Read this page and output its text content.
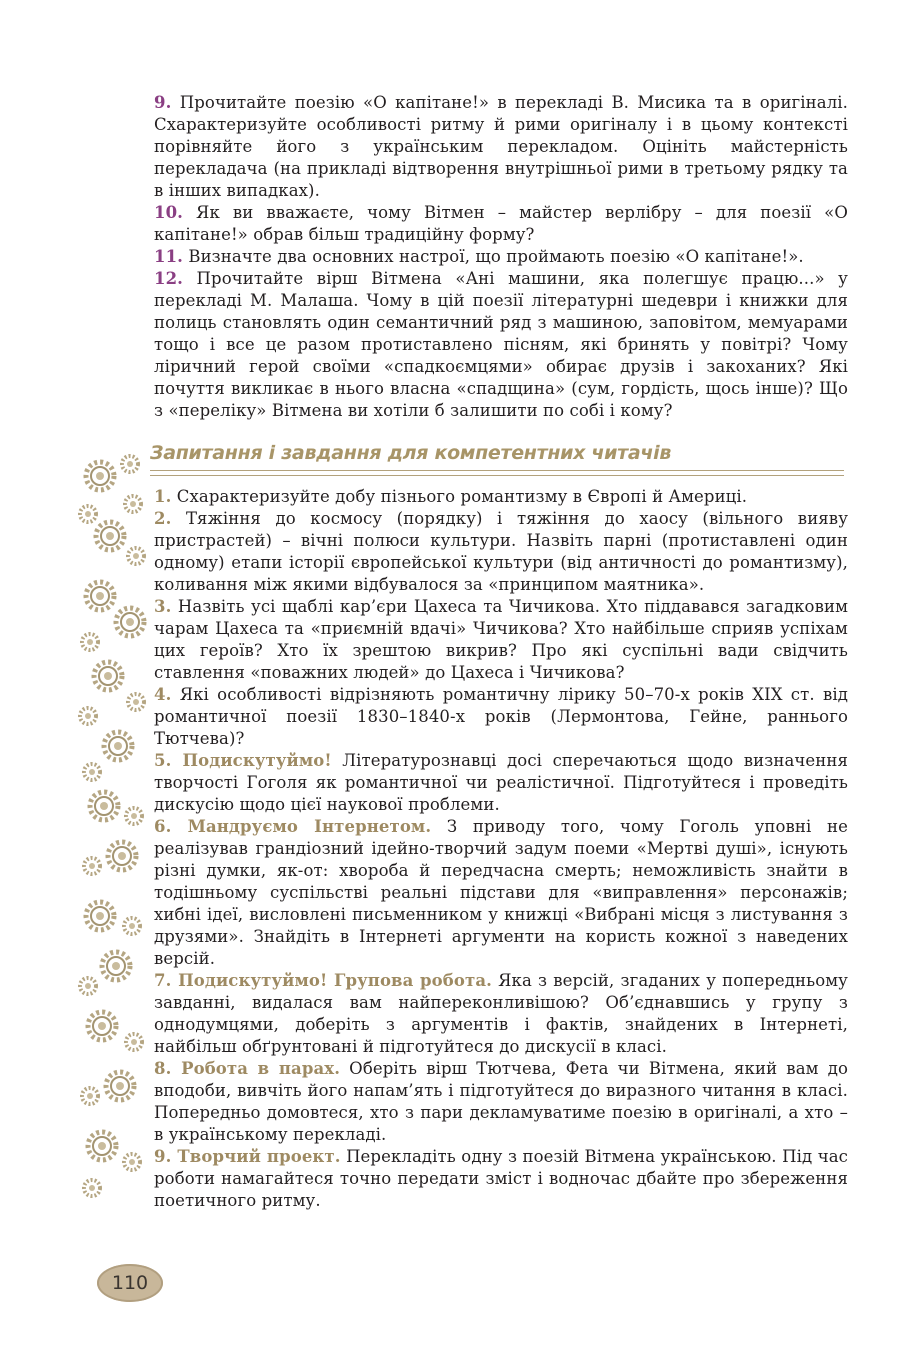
9. Прочитайте поезію «О капітане!» в перекладі В. Мисика та в оригіналі. Схарактеризуйте особливості ритму й рими оригіналу і в цьому контексті порівняйте його з українським перекладом. Оцініть майстерність перекладача (на прикладі відтворення внутрішньої рими в третьому рядку та в інших випадках).

10. Як ви вважаєте, чому Вітмен – майстер верлібру – для поезії «О капітане!» обрав більш традиційну форму?

11. Визначте два основних настрої, що проймають поезію «О капітане!».

12. Прочитайте вірш Вітмена «Ані машини, яка полегшує працю...» у перекладі М. Малаша. Чому в цій поезії літературні шедеври і книжки для полиць становлять один семантичний ряд з машиною, заповітом, мемуарами тощо і все це разом протиставлено пісням, які бринять у повітрі? Чому ліричний герой своїми «спадкоємцями» обирає друзів і закоханих? Які почуття викликає в нього власна «спадщина» (сум, гордість, щось інше)? Що з «переліку» Вітмена ви хотіли б залишити по собі і кому?

Запитання і завдання для компетентних читачів

1. Схарактеризуйте добу пізнього романтизму в Європі й Америці.

2. Тяжіння до космосу (порядку) і тяжіння до хаосу (вільного вияву пристрастей) – вічні полюси культури. Назвіть парні (протиставлені один одному) етапи історії європейської культури (від античності до романтизму), коливання між якими відбувалося за «принципом маятника».

3. Назвіть усі щаблі кар’єри Цахеса та Чичикова. Хто піддавався загадковим чарам Цахеса та «приємній вдачі» Чичикова? Хто найбільше сприяв успіхам цих героїв? Хто їх зрештою викрив? Про які суспільні вади свідчить ставлення «поважних людей» до Цахеса і Чичикова?

4. Які особливості відрізняють романтичну лірику 50–70-х років XIX ст. від романтичної поезії 1830–1840-х років (Лермонтова, Гейне, раннього Тютчева)?

5. Подискутуймо! Літературознавці досі сперечаються щодо визначення творчості Гоголя як романтичної чи реалістичної. Підготуйтеся і проведіть дискусію щодо цієї наукової проблеми.

6. Мандруємо Інтернетом. З приводу того, чому Гоголь уповні не реалізував грандіозний ідейно-творчий задум поеми «Мертві душі», існують різні думки, як-от: хвороба й передчасна смерть; неможливість знайти в тодішньому суспільстві реальні підстави для «виправлення» персонажів; хибні ідеї, висловлені письменником у книжці «Вибрані місця з листування з друзями». Знайдіть в Інтернеті аргументи на користь кожної з наведених версій.

7. Подискутуймо! Групова робота. Яка з версій, згаданих у попередньому завданні, видалася вам найпереконливішою? Об’єднавшись у групу з однодумцями, доберіть з аргументів і фактів, знайдених в Інтернеті, найбільш обґрунтовані й підготуйтеся до дискусії в класі.

8. Робота в парах. Оберіть вірш Тютчева, Фета чи Вітмена, який вам до вподоби, вивчіть його напам’ять і підготуйтеся до виразного читання в класі. Попередньо домовтеся, хто з пари декламуватиме поезію в оригіналі, а хто – в українському перекладі.

9. Творчий проект. Перекладіть одну з поезій Вітмена українською. Під час роботи намагайтеся точно передати зміст і водночас дбайте про збереження поетичного ритму.

110
